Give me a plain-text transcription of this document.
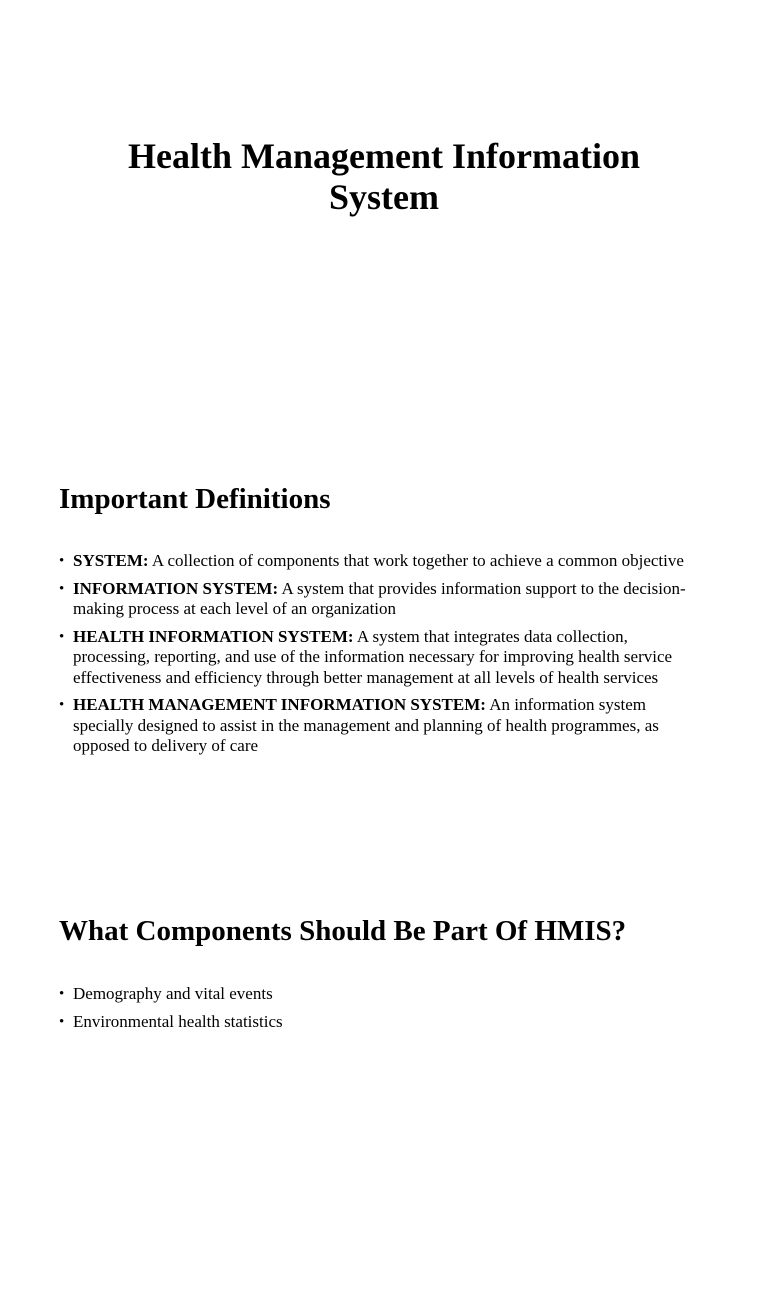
Health Management Information
System
Important Definitions
• SYSTEM: A collection of components that work together to achieve a common objective
• INFORMATION SYSTEM: A system that provides information support to the decision-making process at each level of an organization
• HEALTH INFORMATION SYSTEM: A system that integrates data collection, processing, reporting, and use of the information necessary for improving health service effectiveness and efficiency through better management at all levels of health services
• HEALTH MANAGEMENT INFORMATION SYSTEM: An information system specially designed to assist in the management and planning of health programmes, as opposed to delivery of care
What Components Should Be Part Of HMIS?
• Demography and vital events
• Environmental health statistics
